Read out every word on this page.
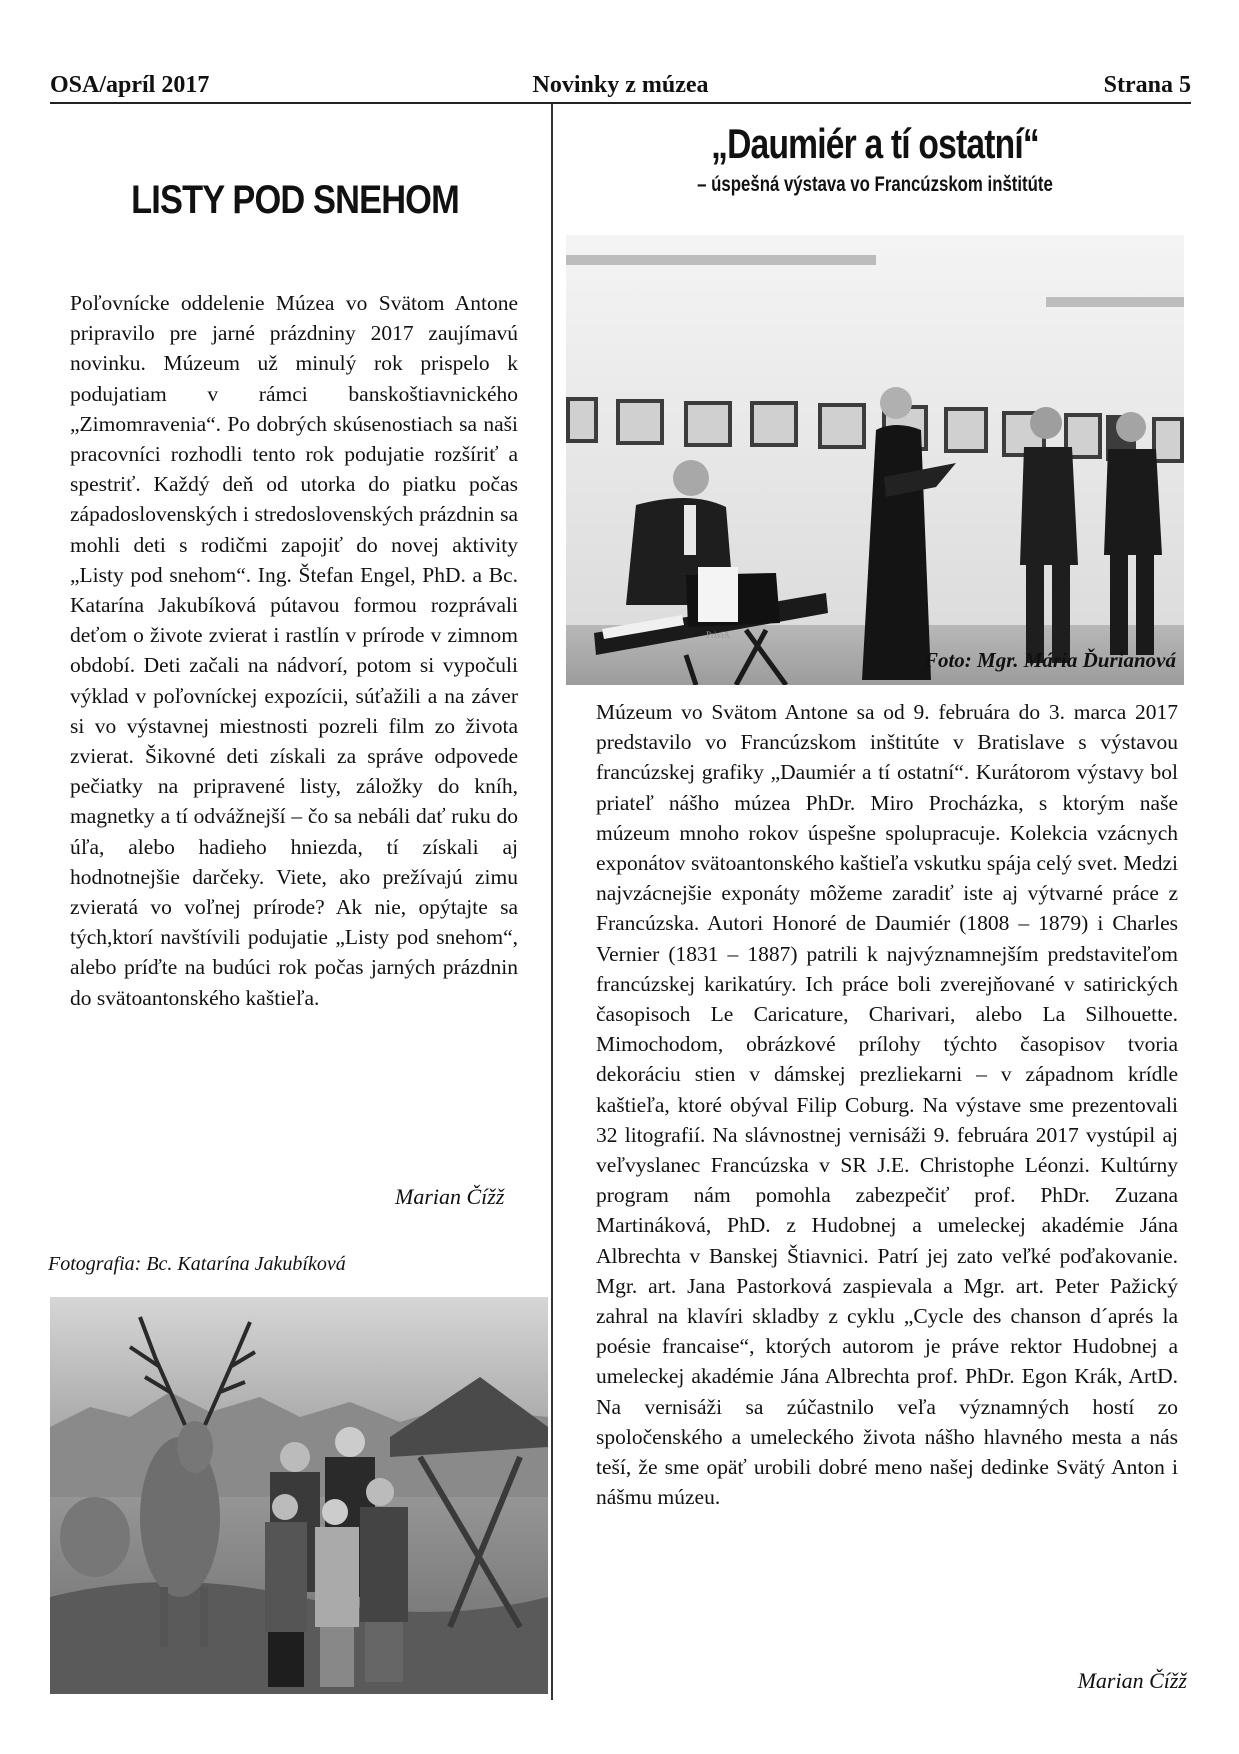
OSA/apríl 2017	Novinky z múzea	Strana 5
LISTY POD SNEHOM
Poľovnícke oddelenie Múzea vo Svätom Antone pripravilo pre jarné prázdniny 2017 zaujímavú novinku. Múzeum už minulý rok prispelo k podujatiam v rámci banskoštiavnického „Zimomravenia“. Po dobrých skúsenostiach sa naši pracovníci rozhodli tento rok podujatie rozšíriť a spestriť. Každý deň od utorka do piatku počas západoslovenských i stredoslovenských prázdnin sa mohli deti s rodičmi zapojiť do novej aktivity „Listy pod snehom“. Ing. Štefan Engel, PhD. a Bc. Katarína Jakubíková pútavou formou rozprávali deťom o živote zvierat i rastlín v prírode v zimnom období. Deti začali na nádvorí, potom si vypočuli výklad v poľovníckej expozícii, súťažili a na záver si vo výstavnej miestnosti pozreli film zo života zvierat. Šikovné deti získali za správe odpovede pečiatky na pripravené listy, záložky do kníh, magnetky a tí odvážnejší – čo sa nebáli dať ruku do úľa, alebo hadieho hniezda, tí získali aj hodnotnejšie darčeky. Viete, ako prežívajú zimu zvieratá vo voľnej prírode? Ak nie, opýtajte sa tých,ktorí navštívili podujatie „Listy pod snehom“, alebo príďte na budúci rok počas jarných prázdnin do svätoantonského kaštieľa.
Marian Čížž
Fotografia: Bc. Katarína Jakubíková
„Daumiér a tí ostatní“
– úspešná výstava vo Francúzskom inštitúte
PriviA
Foto: Mgr. Mária Ďurianová
Múzeum vo Svätom Antone sa od 9. februára do 3. marca 2017 predstavilo vo Francúzskom inštitúte v Bratislave s výstavou francúzskej grafiky „Daumiér a tí ostatní“. Kurátorom výstavy bol priateľ nášho múzea PhDr. Miro Procházka, s ktorým naše múzeum mnoho rokov úspešne spolupracuje. Kolekcia vzácnych exponátov svätoantonského kaštieľa vskutku spája celý svet. Medzi najvzácnejšie exponáty môžeme zaradiť iste aj výtvarné práce z Francúzska. Autori Honoré de Daumiér (1808 – 1879) i Charles Vernier (1831 – 1887) patrili k najvýznamnejším predstaviteľom francúzskej karikatúry. Ich práce boli zverejňované v satirických časopisoch Le Caricature, Charivari, alebo La Silhouette. Mimochodom, obrázkové prílohy týchto časopisov tvoria dekoráciu stien v dámskej prezliekarni – v západnom krídle kaštieľa, ktoré obýval Filip Coburg. Na výstave sme prezentovali 32 litografií. Na slávnostnej vernisáži 9. februára 2017 vystúpil aj veľvyslanec Francúzska v SR J.E. Christophe Léonzi. Kultúrny program nám pomohla zabezpečiť prof. PhDr. Zuzana Martináková, PhD. z Hudobnej a umeleckej akadémie Jána Albrechta v Banskej Štiavnici. Patrí jej zato veľké poďakovanie. Mgr. art. Jana Pastorková zaspievala a Mgr. art. Peter Pažický zahral na klavíri skladby z cyklu „Cycle des chanson d´aprés la poésie francaise“, ktorých autorom je práve rektor Hudobnej a umeleckej akadémie Jána Albrechta prof. PhDr. Egon Krák, ArtD. Na vernisáži sa zúčastnilo veľa významných hostí zo spoločenského a umeleckého života nášho hlavného mesta a nás teší, že sme opäť urobili dobré meno našej dedinke Svätý Anton i nášmu múzeu.
Marian Čížž
